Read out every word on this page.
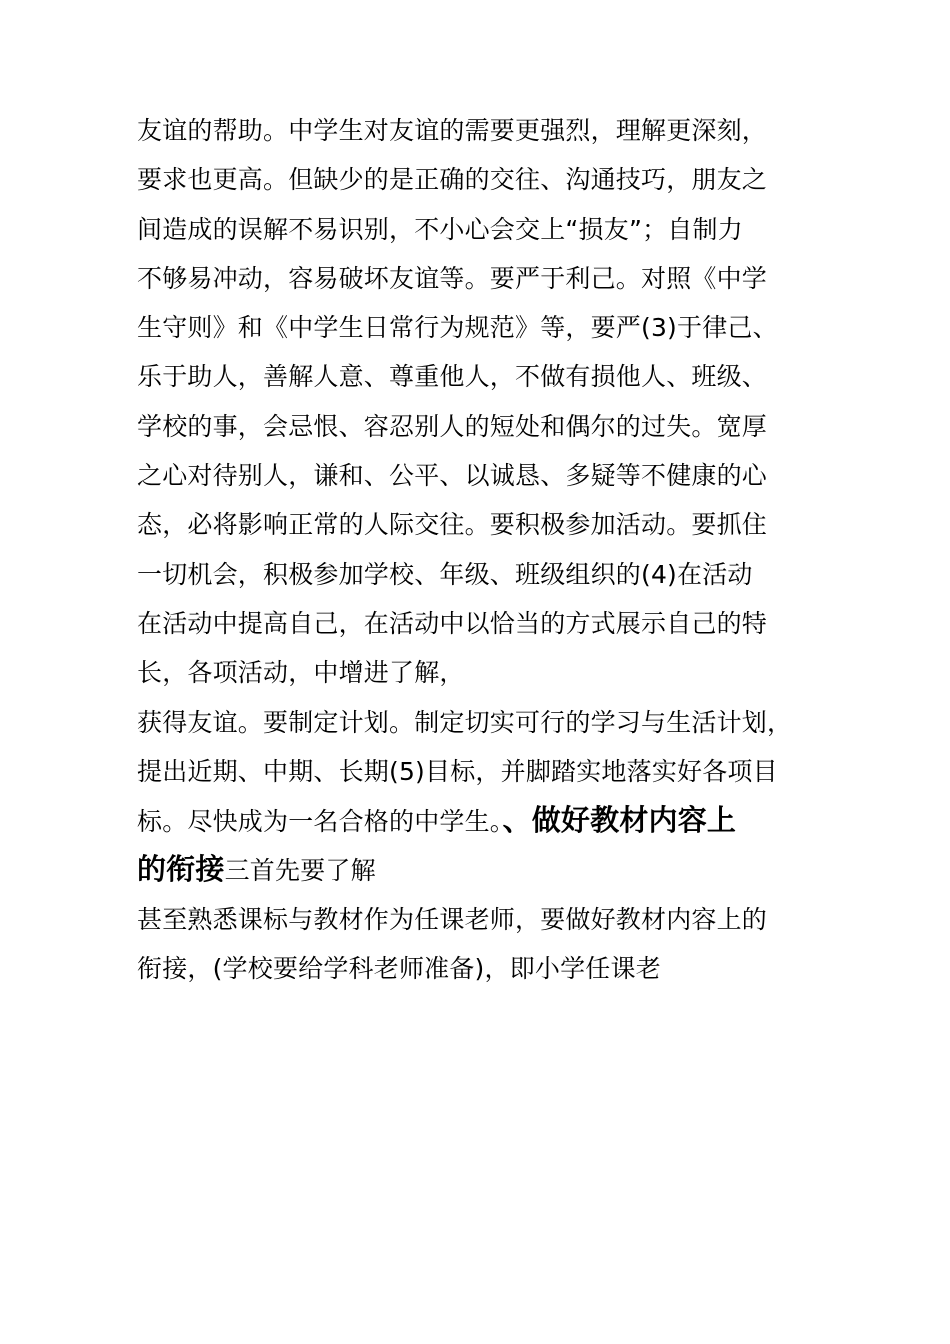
友谊的帮助。中学生对友谊的需要更强烈，理解更深刻，
要求也更高。但缺少的是正确的交往、沟通技巧，朋友之
间造成的误解不易识别，不小心会交上“损友”；自制力
不够易冲动，容易破坏友谊等。要严于利己。对照《中学
生守则》和《中学生日常行为规范》等，要严(3)于律己、
乐于助人，善解人意、尊重他人，不做有损他人、班级、
学校的事，会忌恨、容忍别人的短处和偶尔的过失。宽厚
之心对待别人，谦和、公平、以诚恳、多疑等不健康的心
态，必将影响正常的人际交往。要积极参加活动。要抓住
一切机会，积极参加学校、年级、班级组织的(4)在活动
在活动中提高自己，在活动中以恰当的方式展示自己的特
长，各项活动，中增进了解，
获得友谊。要制定计划。制定切实可行的学习与生活计划，
提出近期、中期、长期(5)目标，并脚踏实地落实好各项目
标。尽快成为一名合格的中学生。、做好教材内容上
的衔接三首先要了解
甚至熟悉课标与教材作为任课老师，要做好教材内容上的
衔接，(学校要给学科老师准备)，即小学任课老
